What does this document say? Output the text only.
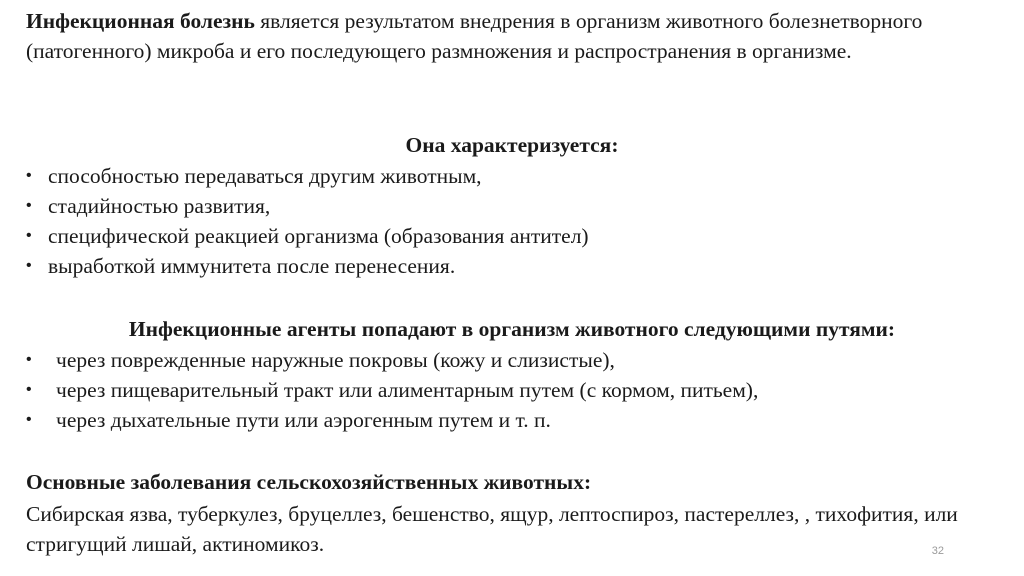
Инфекционная болезнь является результатом внедрения в организм животного болезнетворного (патогенного) микроба и его последующего размножения и распространения в организме.
Она характеризуется:
• способностью передаваться другим животным,
• стадийностью развития,
• специфической реакцией организма (образования антител)
• выработкой иммунитета после перенесения.
Инфекционные агенты попадают в организм животного следующими путями:
• через поврежденные наружные покровы (кожу и слизистые),
• через пищеварительный тракт или алиментарным путем (с кормом, питьем),
• через дыхательные пути или аэрогенным путем и т. п.
Основные заболевания сельскохозяйственных животных:
Сибирская язва, туберкулез, бруцеллез, бешенство, ящур, лептоспироз, пастереллез, , тихофития, или стригущий лишай, актиномикоз.	32
